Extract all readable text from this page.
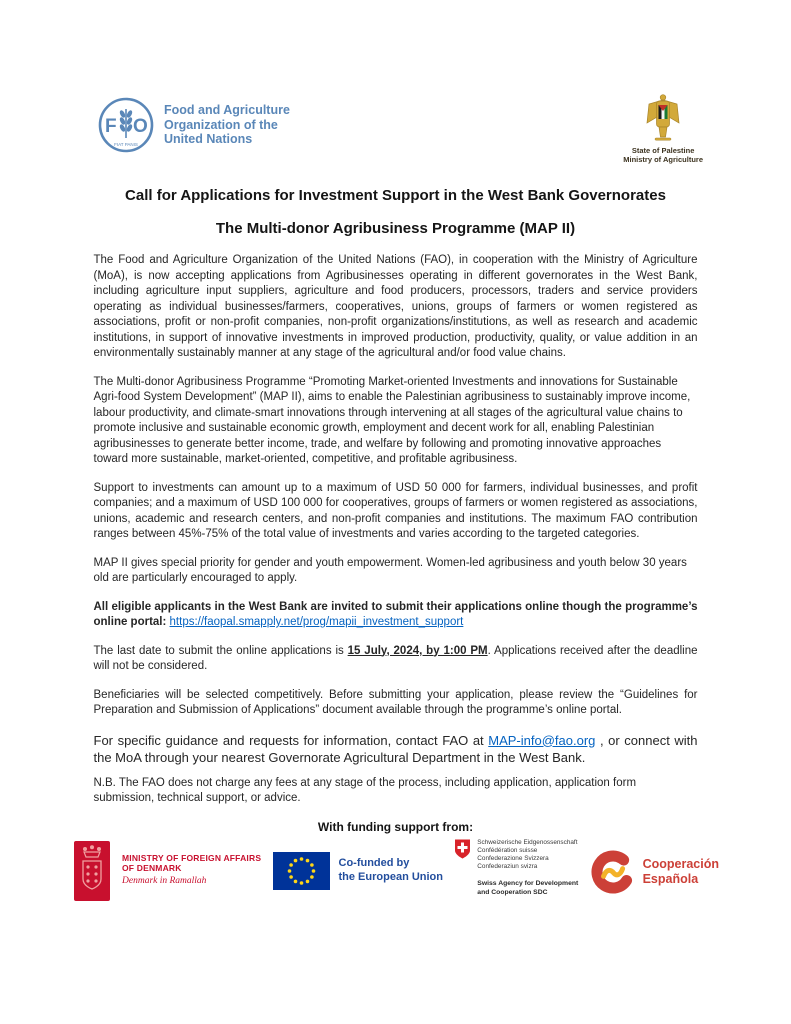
F O
FIAT PANIS
Food and Agriculture
Organization of the
United Nations
State of Palestine
Ministry of Agriculture
Call for Applications for Investment Support in the West Bank Governorates
The Multi-donor Agribusiness Programme (MAP II)

The Food and Agriculture Organization of the United Nations (FAO), in cooperation with the Ministry of Agriculture (MoA), is now accepting applications from Agribusinesses operating in different governorates in the West Bank, including agriculture input suppliers, agriculture and food producers, processors, traders and service providers operating as individual businesses/farmers, cooperatives, unions, groups of farmers or women registered as associations, profit or non-profit companies, non-profit organizations/institutions, as well as research and academic institutions, in support of innovative investments in improved production, productivity, quality, or value addition in an environmentally sustainably manner at any stage of the agricultural and/or food value chains.

The Multi-donor Agribusiness Programme “Promoting Market-oriented Investments and innovations for Sustainable Agri-food System Development” (MAP II), aims to enable the Palestinian agribusiness to sustainably improve income, labour productivity, and climate-smart innovations through intervening at all stages of the agricultural value chains to promote inclusive and sustainable economic growth, employment and decent work for all, enabling Palestinian agribusinesses to generate better income, trade, and welfare by following and promoting innovative approaches toward more sustainable, market-oriented, competitive, and profitable agribusiness.

Support to investments can amount up to a maximum of USD 50 000 for farmers, individual businesses, and profit companies; and a maximum of USD 100 000 for cooperatives, groups of farmers or women registered as associations, unions, academic and research centers, and non-profit companies and institutions. The maximum FAO contribution ranges between 45%-75% of the total value of investments and varies according to the targeted categories.

MAP II gives special priority for gender and youth empowerment. Women-led agribusiness and youth below 30 years old are particularly encouraged to apply.

All eligible applicants in the West Bank are invited to submit their applications online though the programme’s online portal: https://faopal.smapply.net/prog/mapii_investment_support

The last date to submit the online applications is 15 July, 2024, by 1:00 PM. Applications received after the deadline will not be considered.

Beneficiaries will be selected competitively. Before submitting your application, please review the “Guidelines for Preparation and Submission of Applications” document available through the programme’s online portal.

For specific guidance and requests for information, contact FAO at MAP-info@fao.org , or connect with the MoA through your nearest Governorate Agricultural Department in the West Bank.

N.B. The FAO does not charge any fees at any stage of the process, including application, application form submission, technical support, or advice.

With funding support from:
MINISTRY OF FOREIGN AFFAIRS
OF DENMARK
Denmark in Ramallah
Co-funded by
the European Union
Schweizerische Eidgenossenschaft
Confédération suisse
Confederazione Svizzera
Confederaziun svizra
Swiss Agency for Development
and Cooperation SDC
Cooperación
Española
